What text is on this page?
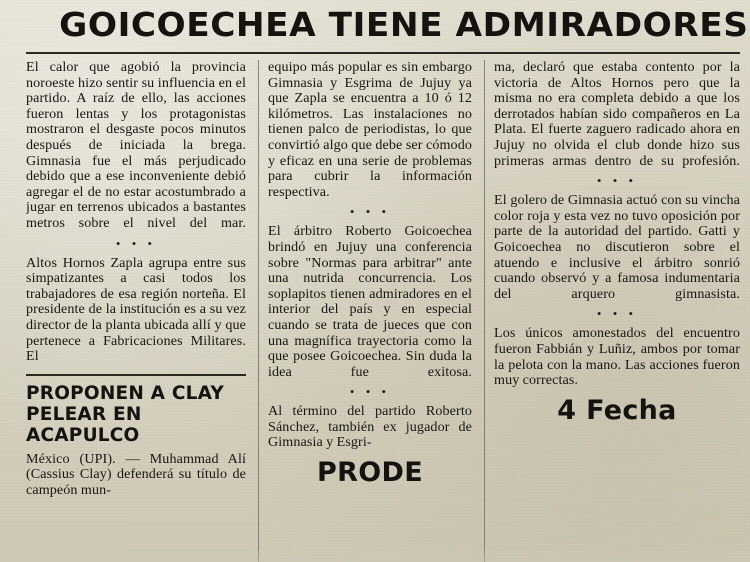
GOICOECHEA TIENE ADMIRADORES

El calor que agobió la provincia noroeste hizo sentir su influencia en el partido. A raíz de ello, las acciones fueron lentas y los protagonistas mostraron el desgaste pocos minutos después de iniciada la brega. Gimnasia fue el más perjudicado debido que a ese inconveniente debió agregar el de no estar acostumbrado a jugar en terrenos ubicados a bastantes metros sobre el nivel del mar.

• • •

Altos Hornos Zapla agrupa entre sus simpatizantes a casi todos los trabajadores de esa región norteña. El presidente de la institución es a su vez director de la planta ubicada allí y que pertenece a Fabricaciones Militares. El

PROPONEN A CLAY PELEAR EN ACAPULCO

México (UPI). — Muhammad Alí (Cassius Clay) defenderá su título de campeón mun-

equipo más popular es sin embargo Gimnasia y Esgrima de Jujuy ya que Zapla se encuentra a 10 ó 12 kilómetros. Las instalaciones no tienen palco de periodistas, lo que convirtió algo que debe ser cómodo y eficaz en una serie de problemas para cubrir la información respectiva.

• • •

El árbitro Roberto Goicoechea brindó en Jujuy una conferencia sobre "Normas para arbitrar" ante una nutrida concurrencia. Los soplapitos tienen admiradores en el interior del país y en especial cuando se trata de jueces que con una magnífica trayectoria como la que posee Goicoechea. Sin duda la idea fue exitosa.

• • •

Al término del partido Roberto Sánchez, también ex jugador de Gimnasia y Esgri-

PRODE

ma, declaró que estaba contento por la victoria de Altos Hornos pero que la misma no era completa debido a que los derrotados habían sido compañeros en La Plata. El fuerte zaguero radicado ahora en Jujuy no olvida el club donde hizo sus primeras armas dentro de su profesión.

• • •

El golero de Gimnasia actuó con su vincha color roja y esta vez no tuvo oposición por parte de la autoridad del partido. Gatti y Goicoechea no discutieron sobre el atuendo e inclusive el árbitro sonrió cuando observó y a famosa indumentaria del arquero gimnasista.

• • •

Los únicos amonestados del encuentro fueron Fabbián y Luñiz, ambos por tomar la pelota con la mano. Las acciones fueron muy correctas.

4 Fecha
